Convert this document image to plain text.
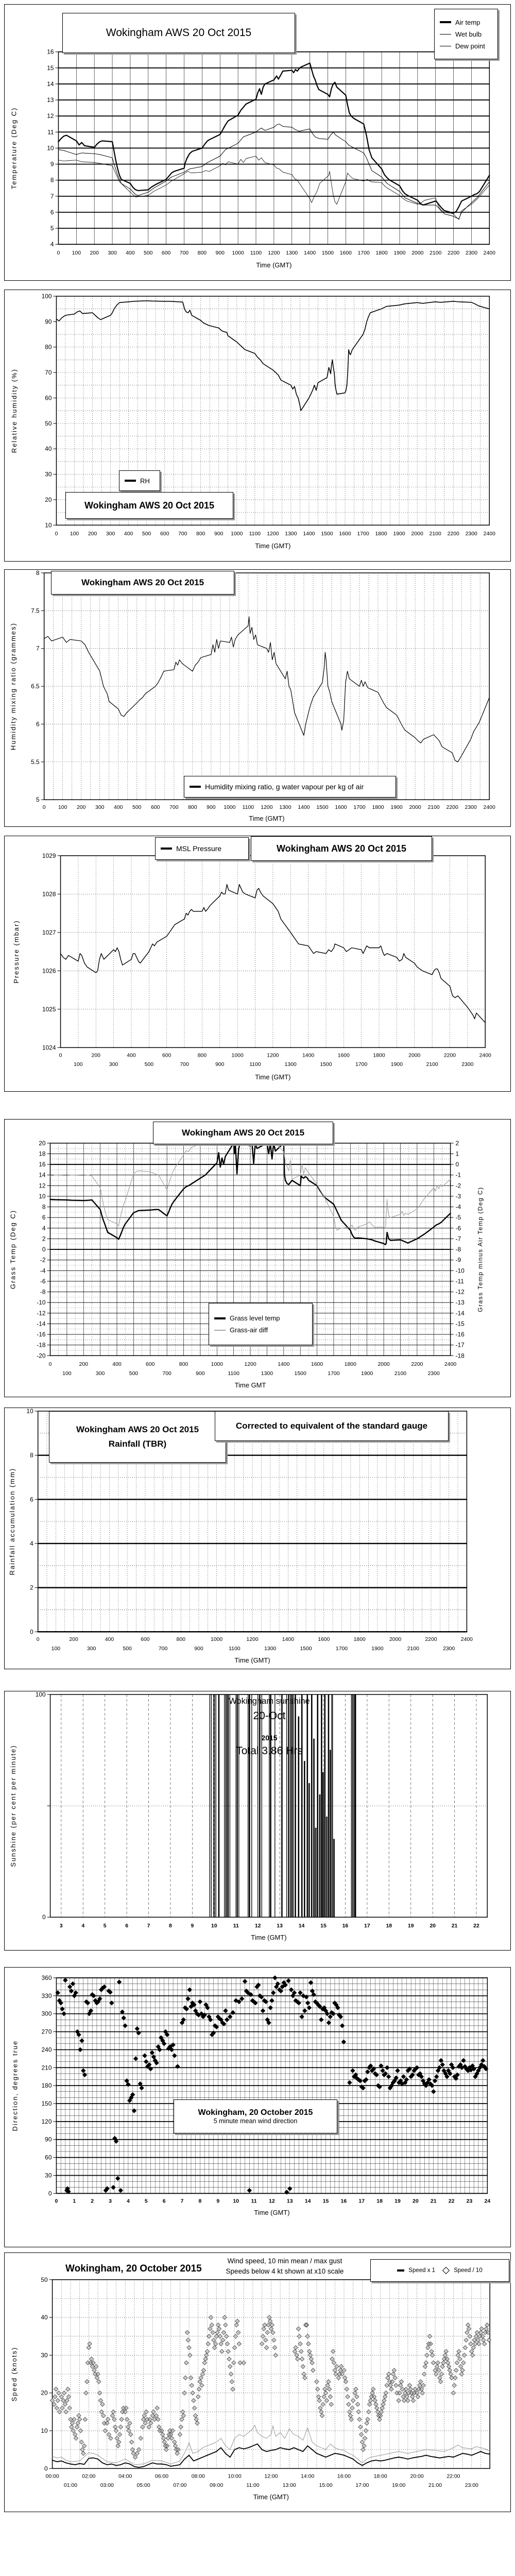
4
5
6
7
8
9
10
11
12
13
14
15
16
0 100 200 300 400 500 600 700 800 900 1000 1100 1200 1300 1400 1500 1600 1700 1800 1900 2000 2100 2200 2300 2400
Temperature (Deg C)
Time (GMT)
Wokingham AWS 20 Oct 2015
Air temp
Wet bulb
Dew point
10
20
30
40
50
60
70
80
90
100
0 100 200 300 400 500 600 700 800 900 1000 1100 1200 1300 1400 1500 1600 1700 1800 1900 2000 2100 2200 2300 2400
Relative humidity (%)
Time (GMT)
RH
Wokingham AWS 20 Oct 2015
5
5.5
6
6.5
7
7.5
8
0 100 200 300 400 500 600 700 800 900 1000 1100 1200 1300 1400 1500 1600 1700 1800 1900 2000 2100 2200 2300 2400
Humidity mixing ratio (grammes)
Time (GMT)
Wokingham AWS 20 Oct 2015
Humidity mixing ratio, g water vapour per kg of air
1024
1025
1026
1027
1028
1029
0
100
200
300
400
500
600
700
800
900
1000
1100
1200
1300
1400
1500
1600
1700
1800
1900
2000
2100
2200
2300
2400
Pressure (mbar)
Time (GMT)
MSL Pressure	Wokingham AWS 20 Oct 2015
-20
-18
-16
-14
-12
-10
-8
-6
-4
-2
0
2
4
6
8
10
12
14
16
18
20
-18
-17
-16
-15
-14
-13
-12
-11
-10
-9
-8
-7
-6
-5
-4
-3
-2
-1
0
1
2
0
100
200
300
400
500
600
700
800
900
1000
1100
1200
1300
1400
1500
1600
1700
1800
1900
2000
2100
2200
2300
2400
Grass Temp (Deg C)	Grass Temp minus Air Temp (Deg C)
Time GMT
Wokingham AWS 20 Oct 2015
Grass level temp
Grass-air diff
0
2
4
6
8
10
0
100
200
300
400
500
600
700
800
900
1000
1100
1200
1300
1400
1500
1600
1700
1800
1900
2000
2100
2200
2300
2400
Rainfall accumulation (mm)
Time (GMT)
Wokingham AWS 20 Oct 2015
Rainfall (TBR)
Corrected to equivalent of the standard gauge
0
100
3	4	5	6	7	8	9	10	11	12	13	14	15	16	17	18	19	20	21	22
Sunshine (per cent per minute)
Time (GMT)
Wokingham sunshine
20-Oct
2015
Total 3.86 Hrs
0
30
60
90
120
150
180
210
240
270
300
330
360
0	1	2	3	4	5	6	7	8	9 10 11 12 13 14 15 16 17 18 19 20 21 22 23 24
Direction, degrees true
Time (GMT)
Wokingham, 20 October 2015
5 minute mean wind direction
0
10
20
30
40
50
00:00
01:00
02:00
03:00
04:00
05:00
06:00
07:00
08:00
09:00
10:00
11:00
12:00
13:00
14:00
15:00
16:00
17:00
18:00
19:00
20:00
21:00
22:00
23:00
Speed (knots)
Time (GMT)
Wokingham, 20 October 2015
Wind speed, 10 min mean / max gust
Speeds below 4 kt shown at x10 scale	Speed x 1	Speed / 10
